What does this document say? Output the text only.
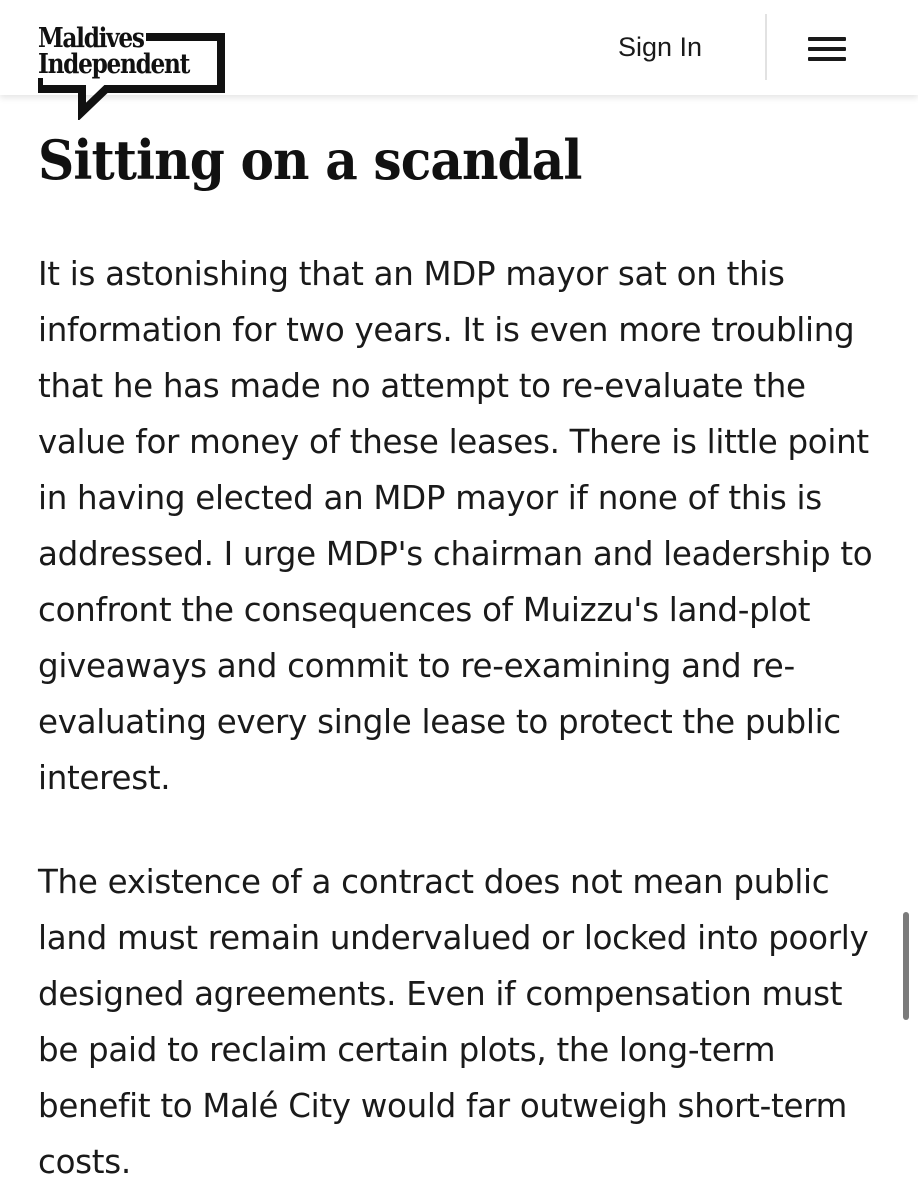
Maldives
Independent
Sign In
Sitting on a scandal

It is astonishing that an MDP mayor sat on this information for two years. It is even more troubling that he has made no attempt to re-evaluate the value for money of these leases. There is little point in having elected an MDP mayor if none of this is addressed. I urge MDP's chairman and leadership to confront the consequences of Muizzu's land-plot giveaways and commit to re-examining and re-evaluating every single lease to protect the public interest.

The existence of a contract does not mean public land must remain undervalued or locked into poorly designed agreements. Even if compensation must be paid to reclaim certain plots, the long-term benefit to Malé City would far outweigh short-term costs.
